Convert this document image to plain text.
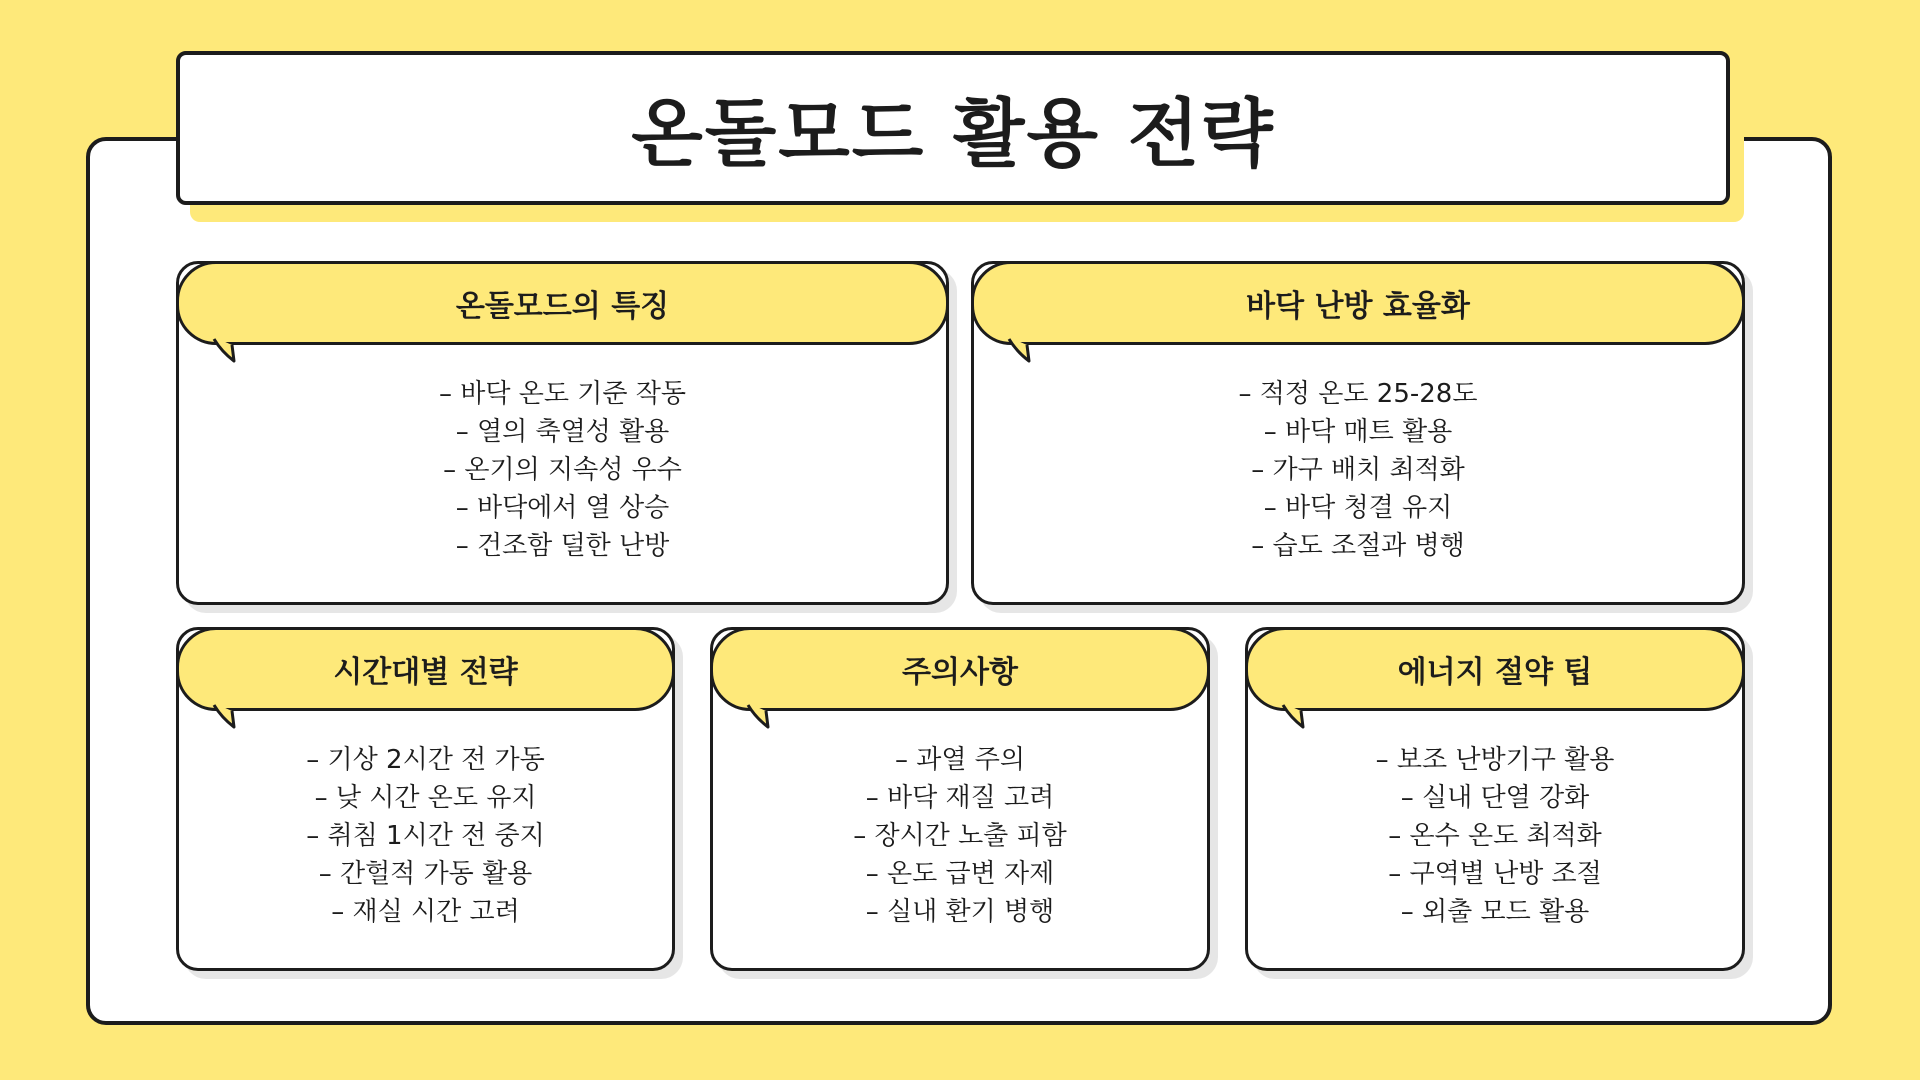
온돌모드 활용 전략
온돌모드의 특징
– 바닥 온도 기준 작동
– 열의 축열성 활용
– 온기의 지속성 우수
– 바닥에서 열 상승
– 건조함 덜한 난방
바닥 난방 효율화
– 적정 온도 25-28도
– 바닥 매트 활용
– 가구 배치 최적화
– 바닥 청결 유지
– 습도 조절과 병행
시간대별 전략
– 기상 2시간 전 가동
– 낮 시간 온도 유지
– 취침 1시간 전 중지
– 간헐적 가동 활용
– 재실 시간 고려
주의사항
– 과열 주의
– 바닥 재질 고려
– 장시간 노출 피함
– 온도 급변 자제
– 실내 환기 병행
에너지 절약 팁
– 보조 난방기구 활용
– 실내 단열 강화
– 온수 온도 최적화
– 구역별 난방 조절
– 외출 모드 활용
